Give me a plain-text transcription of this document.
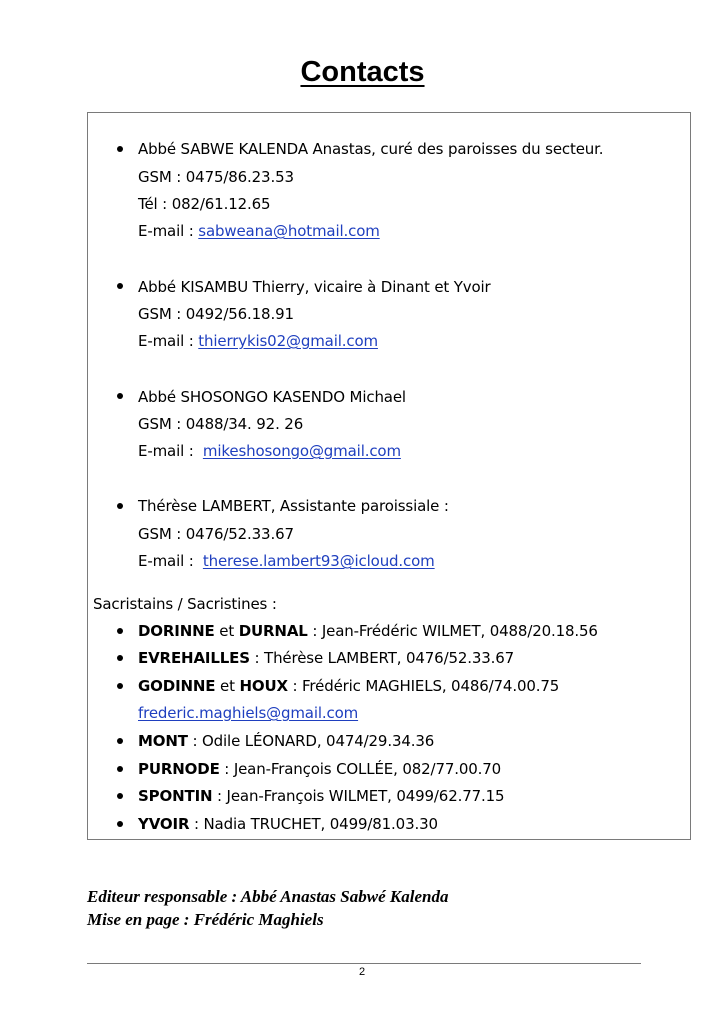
Contacts
Abbé SABWE KALENDA Anastas, curé des paroisses du secteur.
GSM : 0475/86.23.53
Tél : 082/61.12.65
E-mail : sabweana@hotmail.com
Abbé KISAMBU Thierry, vicaire à Dinant et Yvoir
GSM : 0492/56.18.91
E-mail : thierrykis02@gmail.com
Abbé SHOSONGO KASENDO Michael
GSM : 0488/34. 92. 26
E-mail :  mikeshosongo@gmail.com
Thérèse LAMBERT, Assistante paroissiale :
GSM : 0476/52.33.67
E-mail :  therese.lambert93@icloud.com
Sacristains / Sacristines :
DORINNE et DURNAL : Jean-Frédéric WILMET, 0488/20.18.56
EVREHAILLES : Thérèse LAMBERT, 0476/52.33.67
GODINNE et HOUX : Frédéric MAGHIELS, 0486/74.00.75
frederic.maghiels@gmail.com
MONT : Odile LÉONARD, 0474/29.34.36
PURNODE : Jean-François COLLÉE, 082/77.00.70
SPONTIN : Jean-François WILMET, 0499/62.77.15
YVOIR : Nadia TRUCHET, 0499/81.03.30
Editeur responsable : Abbé Anastas Sabwé Kalenda
Mise en page : Frédéric Maghiels
2
